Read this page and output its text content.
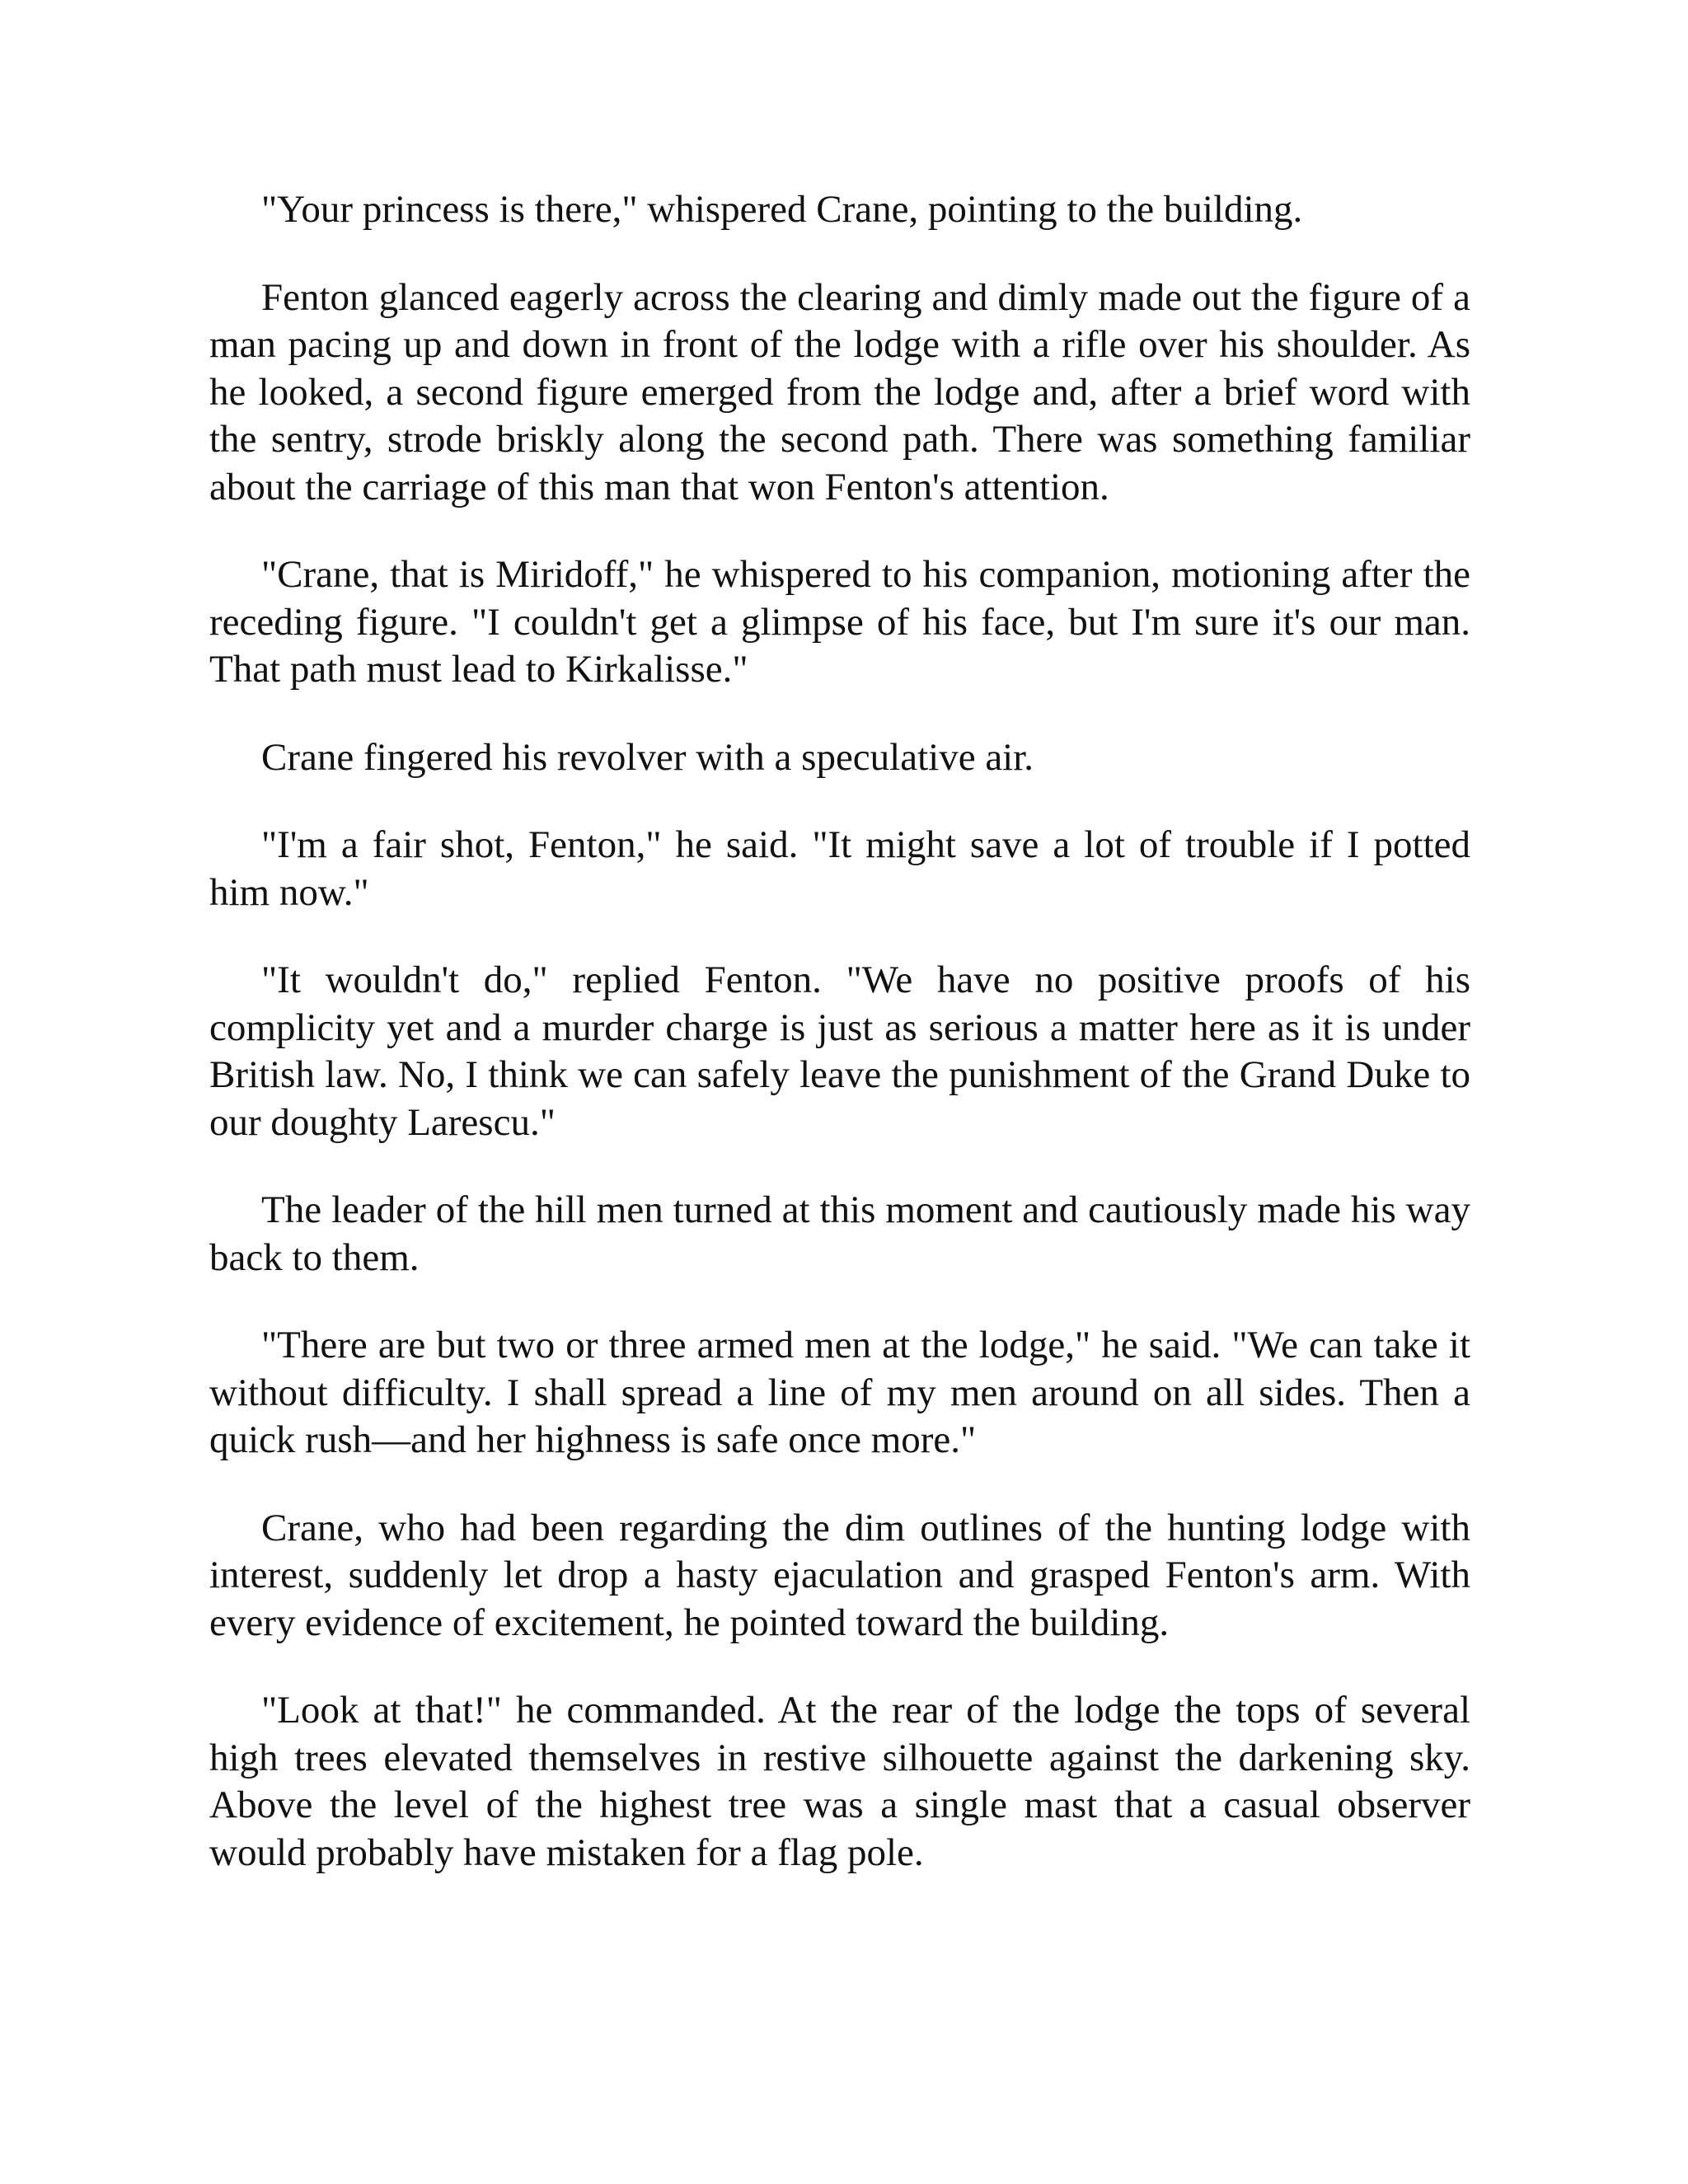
"Your princess is there," whispered Crane, pointing to the building.

Fenton glanced eagerly across the clearing and dimly made out the figure of a man pacing up and down in front of the lodge with a rifle over his shoulder. As he looked, a second figure emerged from the lodge and, after a brief word with the sentry, strode briskly along the second path. There was something familiar about the carriage of this man that won Fenton's attention.

"Crane, that is Miridoff," he whispered to his companion, motioning after the receding figure. "I couldn't get a glimpse of his face, but I'm sure it's our man. That path must lead to Kirkalisse."

Crane fingered his revolver with a speculative air.

"I'm a fair shot, Fenton," he said. "It might save a lot of trouble if I potted him now."

"It wouldn't do," replied Fenton. "We have no positive proofs of his complicity yet and a murder charge is just as serious a matter here as it is under British law. No, I think we can safely leave the punishment of the Grand Duke to our doughty Larescu."

The leader of the hill men turned at this moment and cautiously made his way back to them.

"There are but two or three armed men at the lodge," he said. "We can take it without difficulty. I shall spread a line of my men around on all sides. Then a quick rush—and her highness is safe once more."

Crane, who had been regarding the dim outlines of the hunting lodge with interest, suddenly let drop a hasty ejaculation and grasped Fenton's arm. With every evidence of excitement, he pointed toward the building.

"Look at that!" he commanded. At the rear of the lodge the tops of several high trees elevated themselves in restive silhouette against the darkening sky. Above the level of the highest tree was a single mast that a casual observer would probably have mistaken for a flag pole.
